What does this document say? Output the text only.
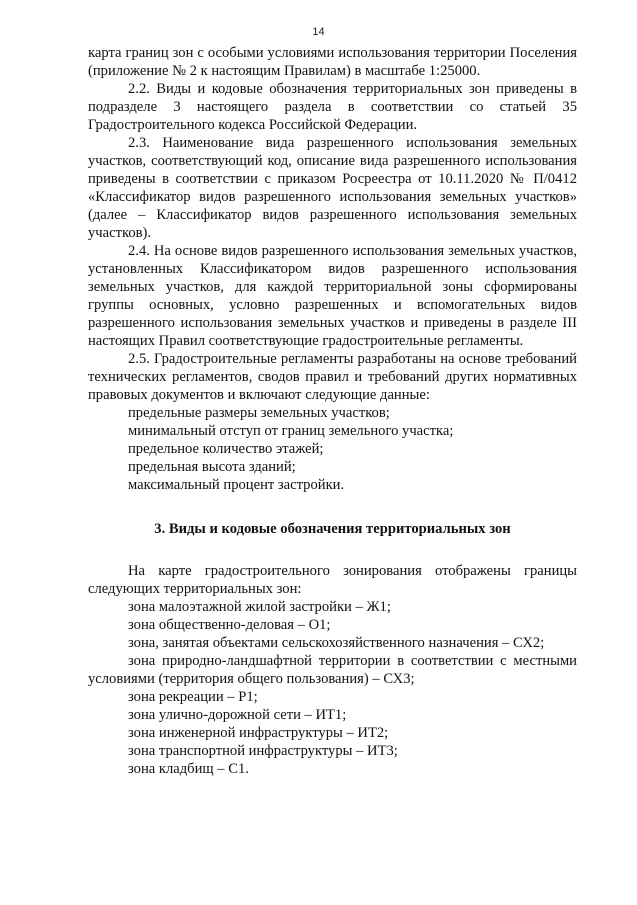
14

карта границ зон с особыми условиями использования территории Поселения (приложение № 2 к настоящим Правилам) в масштабе 1:25000.

2.2. Виды и кодовые обозначения территориальных зон приведены в подразделе 3 настоящего раздела в соответствии со статьей 35 Градостроительного кодекса Российской Федерации.

2.3. Наименование вида разрешенного использования земельных участков, соответствующий код, описание вида разрешенного использования приведены в соответствии с приказом Росреестра от 10.11.2020 № П/0412 «Классификатор видов разрешенного использования земельных участков» (далее – Классификатор видов разрешенного использования земельных участков).

2.4. На основе видов разрешенного использования земельных участков, установленных Классификатором видов разрешенного использования земельных участков, для каждой территориальной зоны сформированы группы основных, условно разрешенных и вспомогательных видов разрешенного использования земельных участков и приведены в разделе III настоящих Правил соответствующие градостроительные регламенты.

2.5. Градостроительные регламенты разработаны на основе требований технических регламентов, сводов правил и требований других нормативных правовых документов и включают следующие данные:

предельные размеры земельных участков;

минимальный отступ от границ земельного участка;

предельное количество этажей;

предельная высота зданий;

максимальный процент застройки.

3. Виды и кодовые обозначения территориальных зон

На карте градостроительного зонирования отображены границы следующих территориальных зон:

зона малоэтажной жилой застройки – Ж1;

зона общественно-деловая – О1;

зона, занятая объектами сельскохозяйственного назначения – СХ2;

зона природно-ландшафтной территории в соответствии с местными условиями (территория общего пользования) – СХ3;

зона рекреации – Р1;

зона улично-дорожной сети – ИТ1;

зона инженерной инфраструктуры – ИТ2;

зона транспортной инфраструктуры – ИТ3;

зона кладбищ – С1.
